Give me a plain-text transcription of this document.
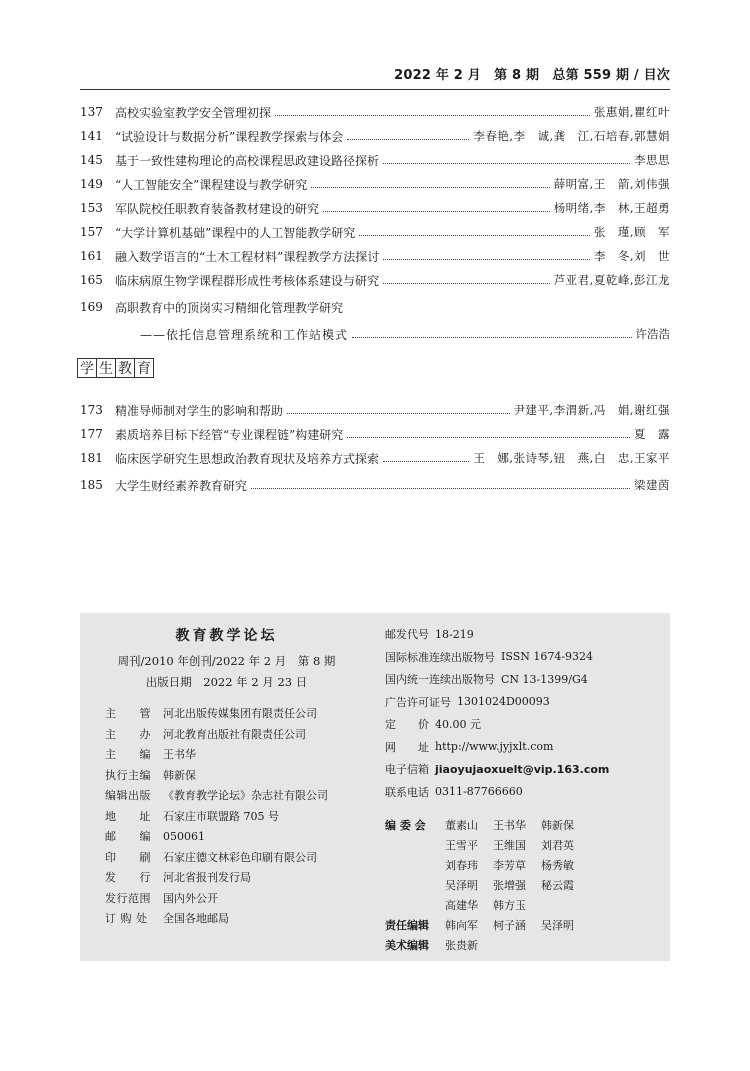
2022 年 2 月　第 8 期　总第 559 期 / 目次
137	高校实验室教学安全管理初探	张惠娟,瞿红叶
141	“试验设计与数据分析”课程教学探索与体会	李春艳,李　诚,龚　江,石培春,郭慧娟
145	基于一致性建构理论的高校课程思政建设路径探析	李思思
149	“人工智能安全”课程建设与教学研究	薛明富,王　箭,刘伟强
153	军队院校任职教育装备教材建设的研究	杨明绪,李　林,王超勇
157	“大学计算机基础”课程中的人工智能教学研究	张　瑾,顾　军
161	融入数学语言的“土木工程材料”课程教学方法探讨	李　冬,刘　世
165	临床病原生物学课程群形成性考核体系建设与研究	芦亚君,夏乾峰,彭江龙
169	高职教育中的顶岗实习精细化管理教学研究
——依托信息管理系统和工作站模式	许浩浩
学 生 教 育
173	精准导师制对学生的影响和帮助	尹建平,李渭新,冯　娟,谢红强
177	素质培养目标下经管“专业课程链”构建研究	夏　露
181	临床医学研究生思想政治教育现状及培养方式探索	王　娜,张诗琴,钮　燕,白　忠,王家平
185	大学生财经素养教育研究	梁建茵
教育教学论坛
周刊/2010 年创刊/2022 年 2 月　第 8 期
出版日期　2022 年 2 月 23 日
主　　管	河北出版传媒集团有限责任公司
主　　办	河北教育出版社有限责任公司
主　　编	王书华
执行主编	韩新保
编辑出版	《教育教学论坛》杂志社有限公司
地　　址	石家庄市联盟路 705 号
邮　　编	050061
印　　刷	石家庄德文林彩色印刷有限公司
发　　行	河北省报刊发行局
发行范围	国内外公开
订 购 处	全国各地邮局
邮发代号 18-219
国际标准连续出版物号 ISSN 1674-9324
国内统一连续出版物号 CN 13-1399/G4
广告许可证号 1301024D00093
定　　价 40.00 元
网　　址 http://www.jyjxlt.com
电子信箱 jiaoyujaoxuelt@vip.163.com
联系电话 0311-87766660
编 委 会	董素山	王书华	韩新保
王雪平	王维国	刘君英
刘春玮	李芳草	杨秀敏
吴泽明	张增强	秘云霞
高建华	韩方玉
责任编辑	韩向军	柯子涵	吴泽明
美术编辑	张贵新
